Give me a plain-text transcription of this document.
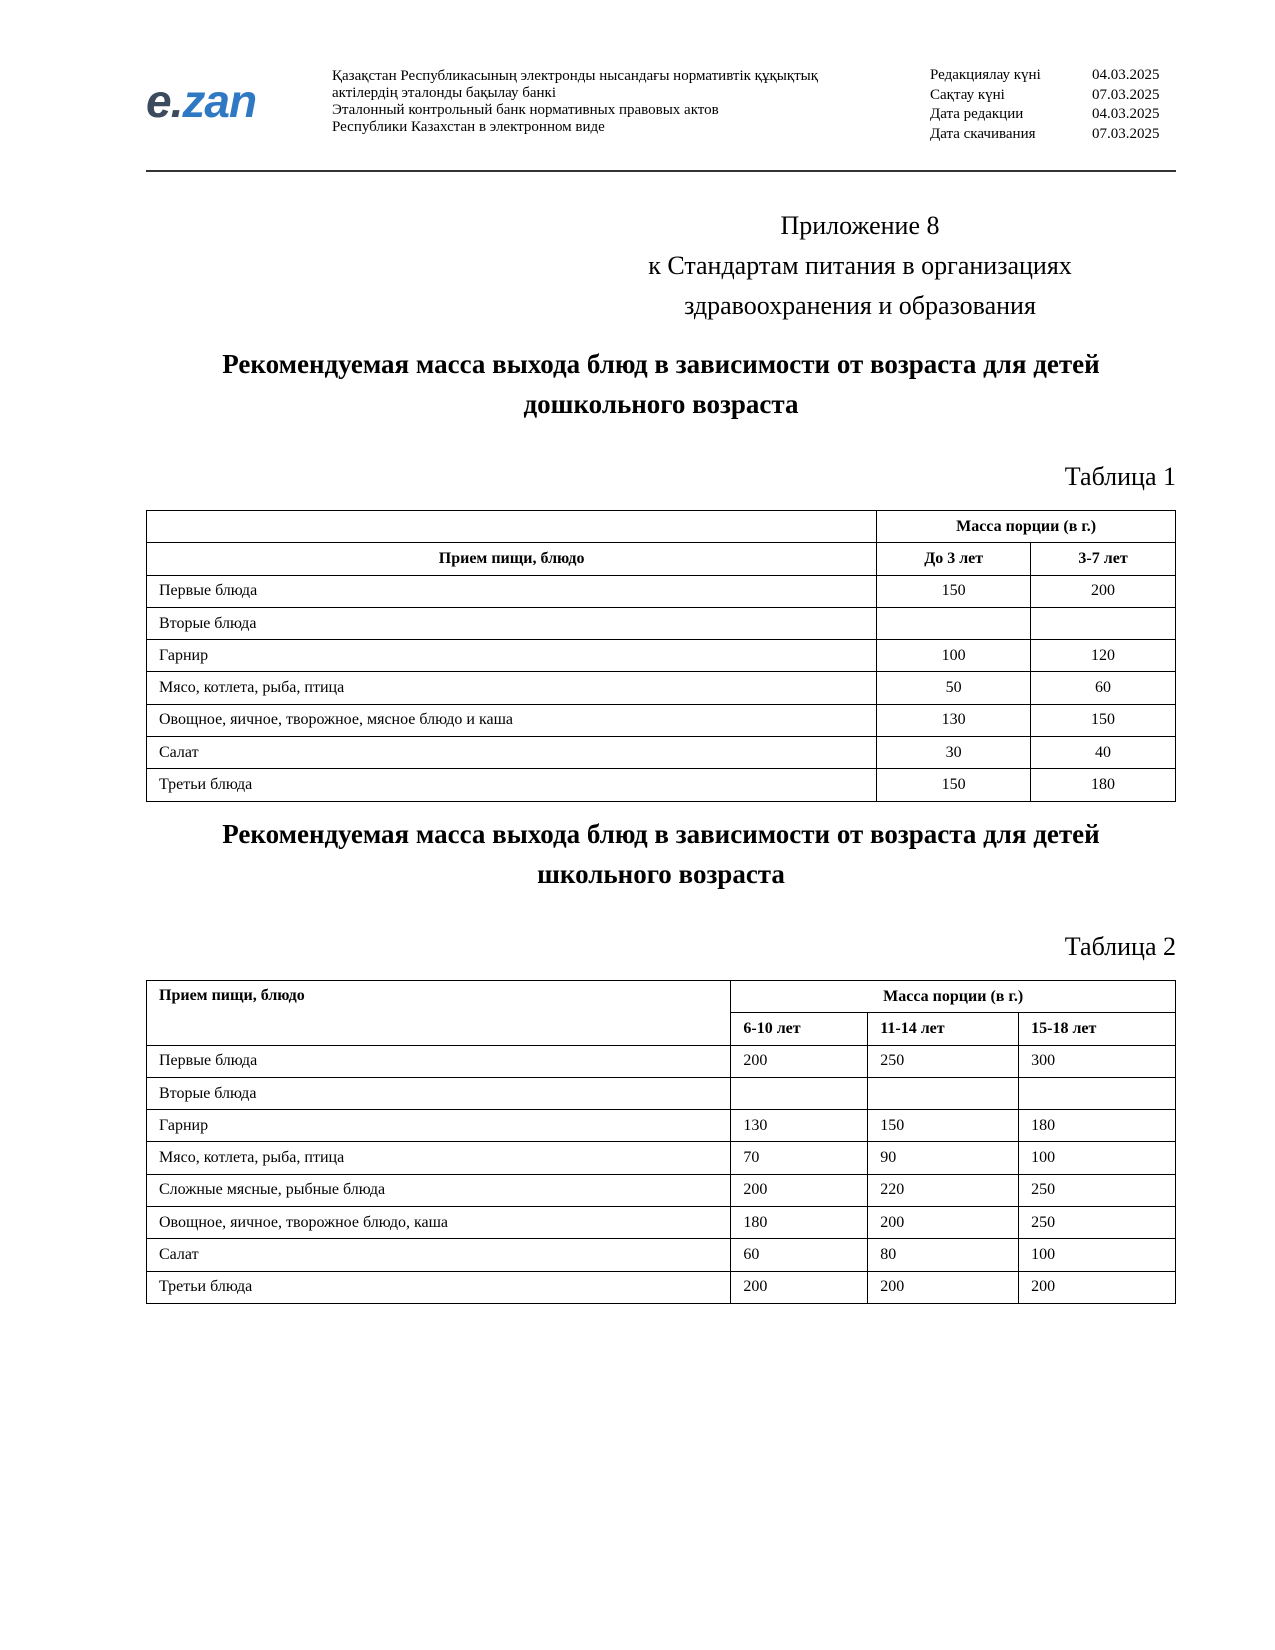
e.zan	Қазақстан Республикасының электронды нысандағы нормативтік құқықтық
актілердің эталонды бақылау банкі
Эталонный контрольный банк нормативных правовых актов
Республики Казахстан в электронном виде
Редакциялау күні	04.03.2025
Сақтау күні	07.03.2025
Дата редакции	04.03.2025
Дата скачивания	07.03.2025
Приложение 8
к Стандартам питания в организациях
здравоохранения и образования
Рекомендуемая масса выхода блюд в зависимости от возраста для детей
дошкольного возраста
Таблица 1
	Масса порции (в г.)	
Прием пищи, блюдо	До 3 лет	3-7 лет
Первые блюда	150	200
Вторые блюда		
Гарнир	100	120
Мясо, котлета, рыба, птица	50	60
Овощное, яичное, творожное, мясное блюдо и каша	130	150
Салат	30	40
Третьи блюда	150	180
Рекомендуемая масса выхода блюд в зависимости от возраста для детей
школьного возраста
Таблица 2
Прием пищи, блюдо	Масса порции (в г.)		
	6-10 лет	11-14 лет	15-18 лет
Первые блюда	200	250	300
Вторые блюда			
Гарнир	130	150	180
Мясо, котлета, рыба, птица	70	90	100
Сложные мясные, рыбные блюда	200	220	250
Овощное, яичное, творожное блюдо, каша	180	200	250
Салат	60	80	100
Третьи блюда	200	200	200
